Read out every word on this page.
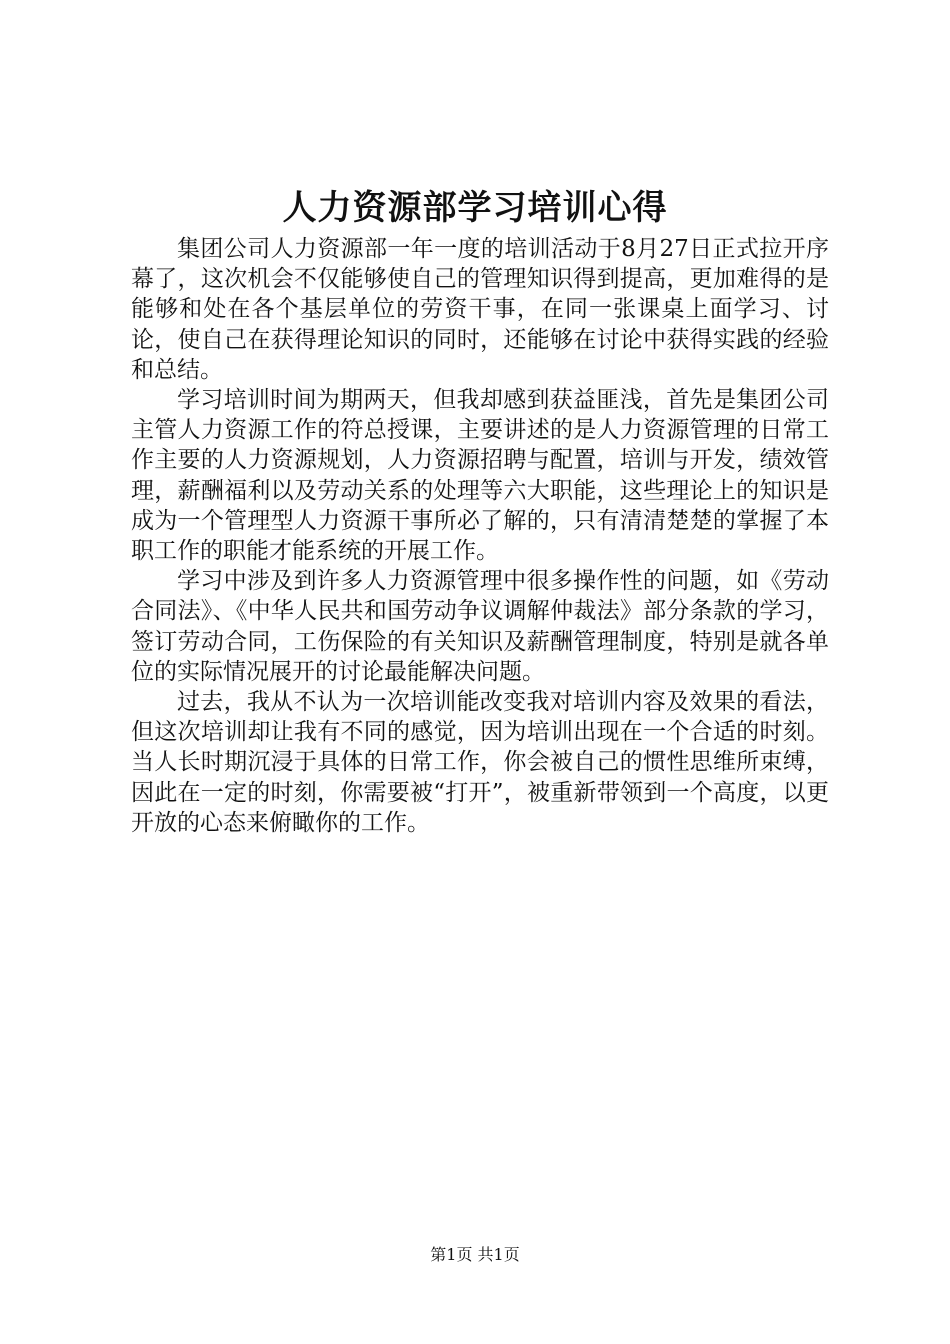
人力资源部学习培训心得

集团公司人力资源部一年一度的培训活动于8月27日正式拉开序幕了，这次机会不仅能够使自己的管理知识得到提高，更加难得的是能够和处在各个基层单位的劳资干事，在同一张课桌上面学习、讨论，使自己在获得理论知识的同时，还能够在讨论中获得实践的经验和总结。

学习培训时间为期两天，但我却感到获益匪浅，首先是集团公司主管人力资源工作的符总授课，主要讲述的是人力资源管理的日常工作主要的人力资源规划，人力资源招聘与配置，培训与开发，绩效管理，薪酬福利以及劳动关系的处理等六大职能，这些理论上的知识是成为一个管理型人力资源干事所必了解的，只有清清楚楚的掌握了本职工作的职能才能系统的开展工作。

学习中涉及到许多人力资源管理中很多操作性的问题，如《劳动合同法》、《中华人民共和国劳动争议调解仲裁法》部分条款的学习，签订劳动合同，工伤保险的有关知识及薪酬管理制度，特别是就各单位的实际情况展开的讨论最能解决问题。

过去，我从不认为一次培训能改变我对培训内容及效果的看法，但这次培训却让我有不同的感觉，因为培训出现在一个合适的时刻。当人长时期沉浸于具体的日常工作，你会被自己的惯性思维所束缚，因此在一定的时刻，你需要被“打开”，被重新带领到一个高度，以更开放的心态来俯瞰你的工作。

第1页 共1页
